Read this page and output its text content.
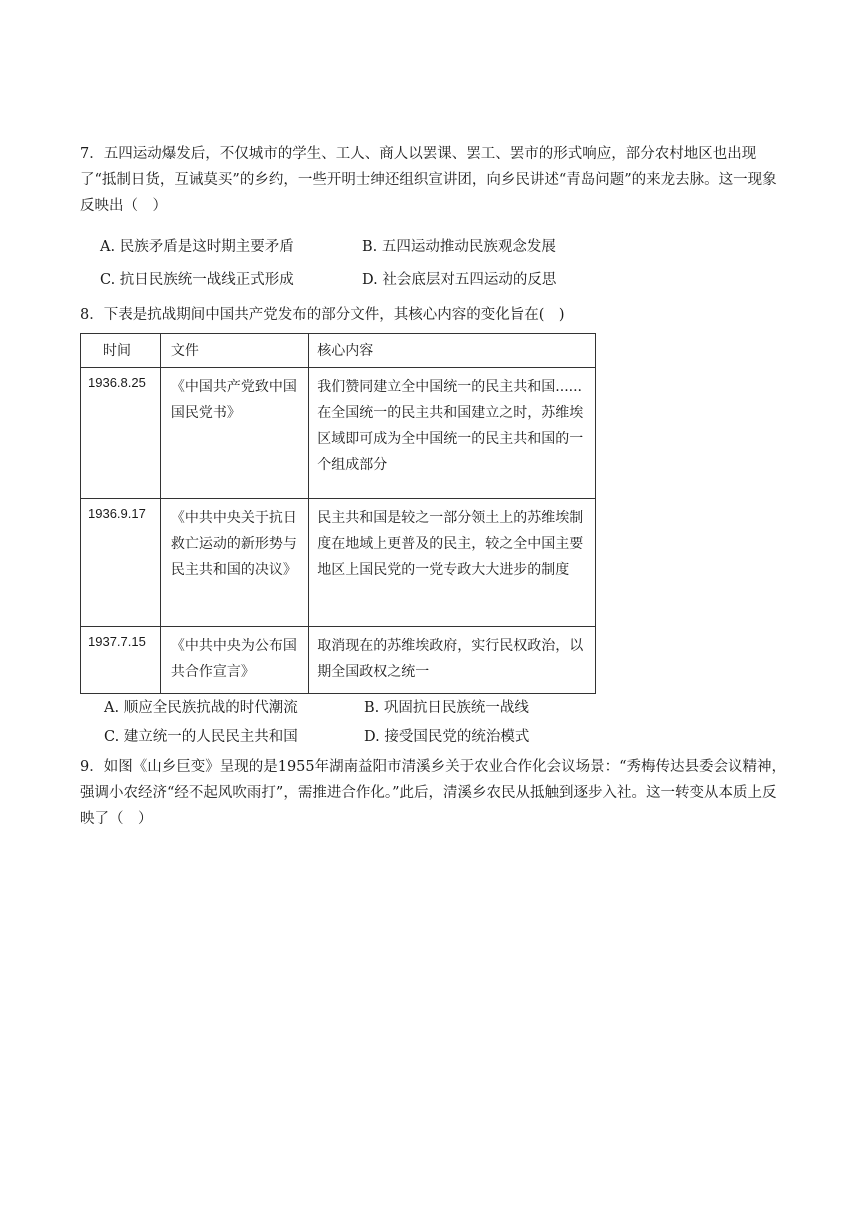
7．五四运动爆发后，不仅城市的学生、工人、商人以罢课、罢工、罢市的形式响应，部分农村地区也出现了“抵制日货，互诫莫买”的乡约，一些开明士绅还组织宣讲团，向乡民讲述“青岛问题”的来龙去脉。这一现象反映出（　）
A. 民族矛盾是这时期主要矛盾	B. 五四运动推动民族观念发展
C. 抗日民族统一战线正式形成	D. 社会底层对五四运动的反思
8．下表是抗战期间中国共产党发布的部分文件，其核心内容的变化旨在(　)
时间	文件	核心内容

1936.8.25	《中国共产党致中国国民党书》	我们赞同建立全中国统一的民主共和国......在全国统一的民主共和国建立之时，苏维埃区域即可成为全中国统一的民主共和国的一个组成部分

1936.9.17	《中共中央关于抗日救亡运动的新形势与民主共和国的决议》	民主共和国是较之一部分领土上的苏维埃制度在地域上更普及的民主，较之全中国主要地区上国民党的一党专政大大进步的制度

1937.7.15	《中共中央为公布国共合作宣言》	取消现在的苏维埃政府，实行民权政治，以期全国政权之统一
A. 顺应全民族抗战的时代潮流	B. 巩固抗日民族统一战线
C. 建立统一的人民民主共和国	D. 接受国民党的统治模式
9．如图《山乡巨变》呈现的是1955年湖南益阳市清溪乡关于农业合作化会议场景：“秀梅传达县委会议精神，强调小农经济“经不起风吹雨打”，需推进合作化。”此后，清溪乡农民从抵触到逐步入社。这一转变从本质上反映了（　）
